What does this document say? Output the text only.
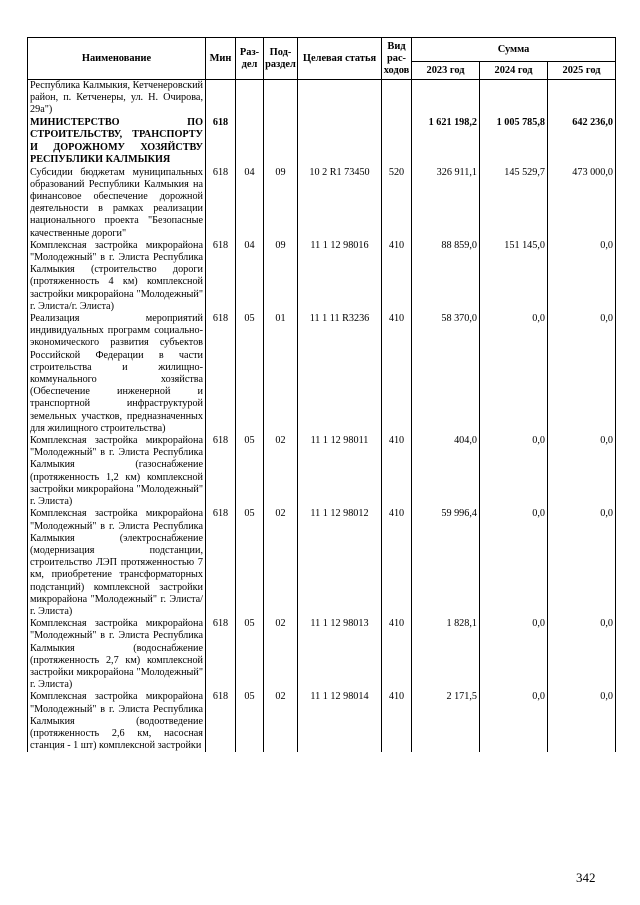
Наименование	Мин	Раз-дел	Под-раздел	Целевая статья	Вид рас-ходов	Сумма		
						2023 год	2024 год	2025 год
Республика Калмыкия, Кетченеровский район, п. Кетченеры, ул. Н. Очирова, 29а")								
МИНИСТЕРСТВО ПО СТРОИТЕЛЬСТВУ, ТРАНСПОРТУ И ДОРОЖНОМУ ХОЗЯЙСТВУ РЕСПУБЛИКИ КАЛМЫКИЯ	618					1 621 198,2	1 005 785,8	642 236,0
Субсидии бюджетам муниципальных образований Республики Калмыкия на финансовое обеспечение дорожной деятельности в рамках реализации национального проекта "Безопасные качественные дороги"	618	04	09	10 2 R1 73450	520	326 911,1	145 529,7	473 000,0
Комплексная застройка микрорайона "Молодежный" в г. Элиста Республика Калмыкия (строительство дороги (протяженность 4 км) комплексной застройки микрорайона "Молодежный" г. Элиста/г. Элиста)	618	04	09	11 1 12 98016	410	88 859,0	151 145,0	0,0
Реализация мероприятий индивидуальных программ социально-экономического развития субъектов Российской Федерации в части строительства и жилищно-коммунального хозяйства (Обеспечение инженерной и транспортной инфраструктурой земельных участков, предназначенных для жилищного строительства)	618	05	01	11 1 11 R3236	410	58 370,0	0,0	0,0
Комплексная застройка микрорайона "Молодежный" в г. Элиста Республика Калмыкия (газоснабжение (протяженность 1,2 км) комплексной застройки микрорайона "Молодежный" г. Элиста)	618	05	02	11 1 12 98011	410	404,0	0,0	0,0
Комплексная застройка микрорайона "Молодежный" в г. Элиста Республика Калмыкия (электроснабжение (модернизация подстанции, строительство ЛЭП протяженностью 7 км, приобретение трансформаторных подстанций) комплексной застройки микрорайона "Молодежный" г. Элиста/г. Элиста)	618	05	02	11 1 12 98012	410	59 996,4	0,0	0,0
Комплексная застройка микрорайона "Молодежный" в г. Элиста Республика Калмыкия (водоснабжение (протяженность 2,7 км) комплексной застройки микрорайона "Молодежный" г. Элиста)	618	05	02	11 1 12 98013	410	1 828,1	0,0	0,0
Комплексная застройка микрорайона "Молодежный" в г. Элиста Республика Калмыкия (водоотведение (протяженность 2,6 км, насосная станция - 1 шт) комплексной застройки	618	05	02	11 1 12 98014	410	2 171,5	0,0	0,0
342
